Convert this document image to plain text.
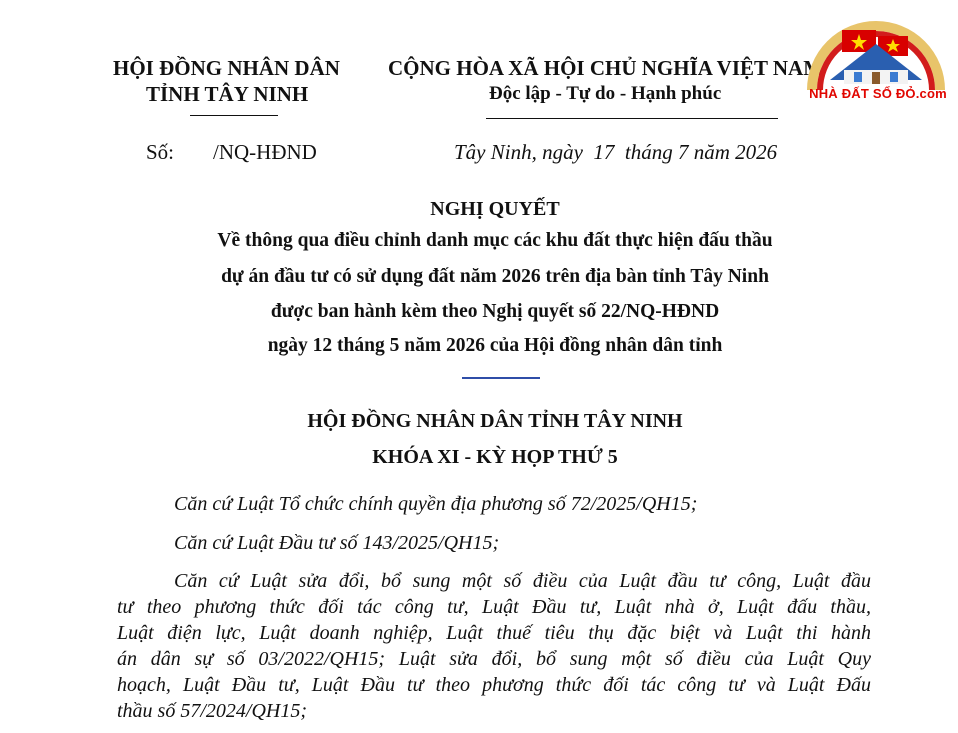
HỘI ĐỒNG NHÂN DÂN
TỈNH TÂY NINH
CỘNG HÒA XÃ HỘI CHỦ NGHĨA VIỆT NAM
Độc lập - Tự do - Hạnh phúc	NHÀ ĐẤT SỔ ĐỎ.com
Số: /NQ-HĐND	Tây Ninh, ngày  17  tháng 7 năm 2026
NGHỊ QUYẾT
Về thông qua điều chỉnh danh mục các khu đất thực hiện đấu thầu
dự án đầu tư có sử dụng đất năm 2026 trên địa bàn tỉnh Tây Ninh
được ban hành kèm theo Nghị quyết số 22/NQ-HĐND
ngày 12 tháng 5 năm 2026 của Hội đồng nhân dân tỉnh
HỘI ĐỒNG NHÂN DÂN TỈNH TÂY NINH
KHÓA XI - KỲ HỌP THỨ 5
Căn cứ Luật Tổ chức chính quyền địa phương số 72/2025/QH15;
Căn cứ Luật Đầu tư số 143/2025/QH15;
Căn cứ Luật sửa đổi, bổ sung một số điều của Luật đầu tư công, Luật đầu
tư theo phương thức đối tác công tư, Luật Đầu tư, Luật nhà ở, Luật đấu thầu,
Luật điện lực, Luật doanh nghiệp, Luật thuế tiêu thụ đặc biệt và Luật thi hành
án dân sự số 03/2022/QH15; Luật sửa đổi, bổ sung một số điều của Luật Quy
hoạch, Luật Đầu tư, Luật Đầu tư theo phương thức đối tác công tư và Luật Đấu
thầu số 57/2024/QH15;
